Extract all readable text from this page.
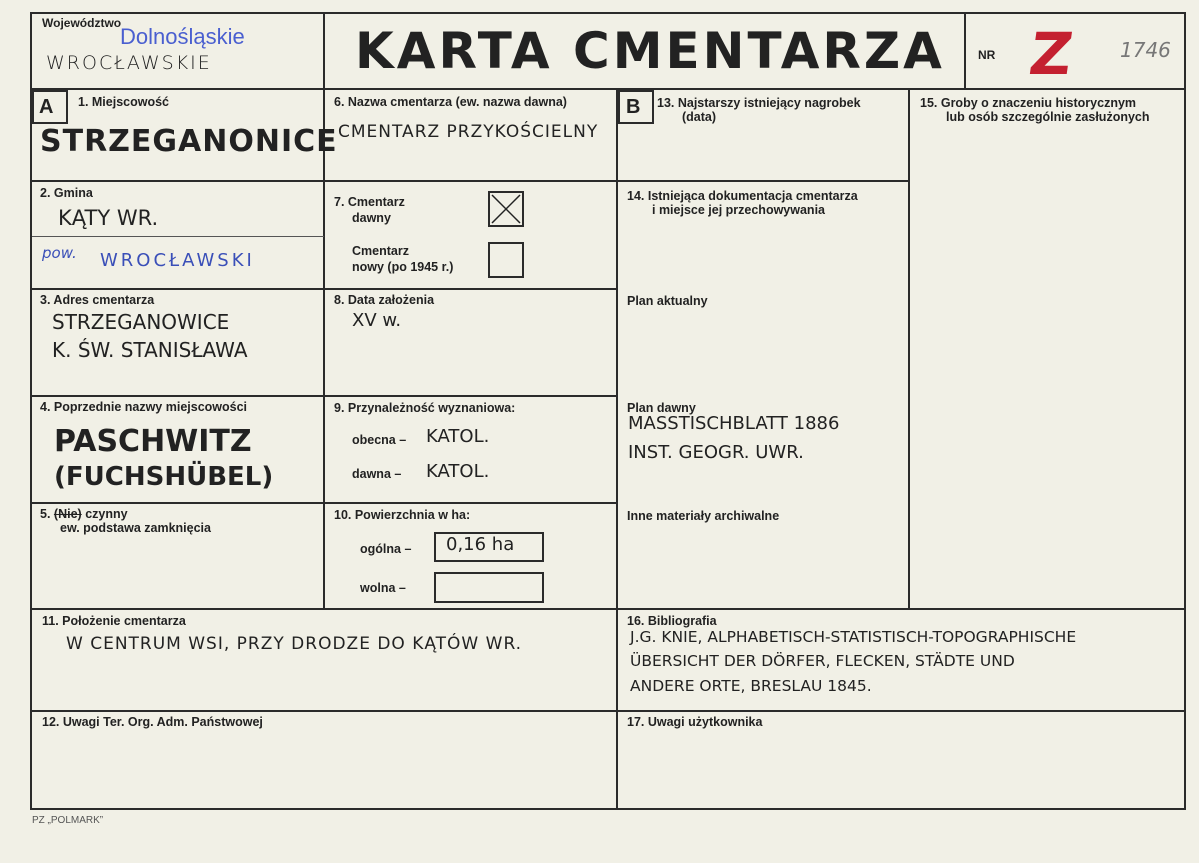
Województwo
Dolnośląskie
WROCŁAWSKIE	KARTA CMENTARZA	NR Z 1746
A 1. Miejscowość
STRZEGANONICE
2. Gmina
KĄTY WR.
pow. WROCŁAWSKI
3. Adres cmentarza
STRZEGANOWICE
K. ŚW. STANISŁAWA
4. Poprzednie nazwy miejscowości
PASCHWITZ
(FUCHSHÜBEL)
5. (Nie) czynny
ew. podstawa zamknięcia
6. Nazwa cmentarza (ew. nazwa dawna)
CMENTARZ PRZYKOŚCIELNY
7. Cmentarz
dawny
Cmentarz
nowy (po 1945 r.)
8. Data założenia
XV w.
9. Przynależność wyznaniowa:
obecna – KATOL.
dawna – KATOL.
10. Powierzchnia w ha:
ogólna – 0,16 ha
wolna –
B 13. Najstarszy istniejący nagrobek
(data)
14. Istniejąca dokumentacja cmentarza
i miejsce jej przechowywania
Plan aktualny
Plan dawny
MASSTISCHBLATT 1886
INST. GEOGR. UWR.
Inne materiały archiwalne
15. Groby o znaczeniu historycznym
lub osób szczególnie zasłużonych
11. Położenie cmentarza
W CENTRUM WSI, PRZY DRODZE DO KĄTÓW WR.
16. Bibliografia
J.G. KNIE, ALPHABETISCH-STATISTISCH-TOPOGRAPHISCHE
ÜBERSICHT DER DÖRFER, FLECKEN, STÄDTE UND
ANDERE ORTE, BRESLAU 1845.
12. Uwagi Ter. Org. Adm. Państwowej	17. Uwagi użytkownika
PZ „POLMARK”
